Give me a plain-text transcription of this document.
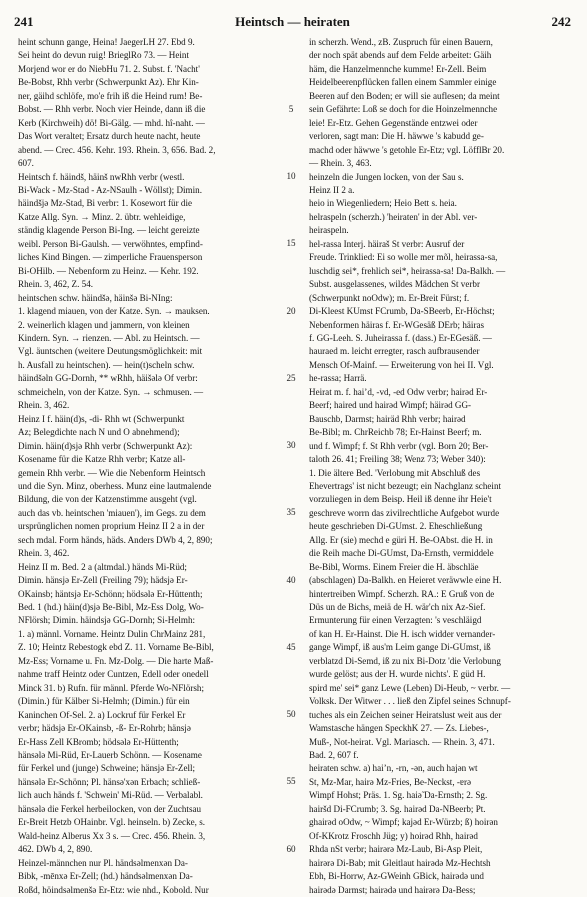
241	Heintsch — heiraten	242
heint schunn gange, Heina! JaegerLH 27. Ebd 9.
Sei heint do devun ruig! BrieglRo 73. — Heint
Morjend wor er do NiebHu 71. 2. Subst. f. 'Nacht'
Be-Bobst, Rhh verbr (Schwerpunkt Az). Ehr Kin-
ner, gäihd schlöfe, mo'e frih iß die Heind rum! Be-
Bobst. — Rhh verbr. Noch vier Heinde, dann iß die
Kerb (Kirchweih) dö! Bi-Gälg. — mhd. hî-naht. —
Das Wort veraltet; Ersatz durch heute nacht, heute
abend. — Crec. 456. Kehr. 193. Rhein. 3, 656. Bad. 2,
607.
Heintsch f. häindš, häinš nwRhh verbr (westl.
Bi-Wack - Mz-Stad - Az-NSaulh - Wöllst); Dimin.
häindšjə Mz-Stad, Bi verbr: 1. Kosewort für die
Katze Allg. Syn. → Minz. 2. übtr. wehleidige,
ständig klagende Person Bi-Ing. — leicht gereizte
weibl. Person Bi-Gaulsh. — verwöhntes, empfind-
liches Kind Bingen. — zimperliche Frauensperson
Bi-OHilb. — Nebenform zu Heinz. — Kehr. 192.
Rhein. 3, 462, Z. 54.
heintschen schw. häindšə, häinšə Bi-NIng:
1. klagend miauen, von der Katze. Syn. → mauksen.
2. weinerlich klagen und jammern, von kleinen
Kindern. Syn. → rienzen. — Abl. zu Heintsch. —
Vgl. äuntschen (weitere Deutungsmöglichkeit: mit
h. Ausfall zu heintschen). — hein(t)scheln schw.
häindšəln GG-Dornh, ** wRhh, häišələ Of verbr:
schmeicheln, von der Katze. Syn. → schmusen. —
Rhein. 3, 462.
Heinz I f. häin(d)s, -di- Rhh wt (Schwerpunkt
Az; Belegdichte nach N und O abnehmend);
Dimin. häin(d)sjə Rhh verbr (Schwerpunkt Az):
Kosename für die Katze Rhh verbr; Katze all-
gemein Rhh verbr. — Wie die Nebenform Heintsch
und die Syn. Minz, oberhess. Munz eine lautmalende
Bildung, die von der Katzenstimme ausgeht (vgl.
auch das vb. heintschen 'miauen'), im Gegs. zu dem
ursprünglichen nomen proprium Heinz II 2 a in der
sech mdal. Form händs, häds. Anders DWb 4, 2, 890;
Rhein. 3, 462.
Heinz II m. Bed. 2 a (altmdal.) händs Mi-Rüd;
Dimin. hänsjə Er-Zell (Freiling 79); hädsjə Er-
OKainsb; häntsjə Er-Schönn; hödsələ Er-Hüttenth;
Bed. 1 (hd.) häin(d)sjə Be-Bibl, Mz-Ess Dolg, Wo-
NFlörsh; Dimin. häindsjə GG-Dornh; Si-Helmh:
1. a) männl. Vorname. Heintz Dulin ChrMainz 281,
Z. 10; Heintz Rebestogk ebd Z. 11. Vorname Be-Bibl,
Mz-Ess; Vorname u. Fn. Mz-Dolg. — Die harte Maß-
nahme traff Heintz oder Cuntzen, Edell oder onedell
Minck 31. b) Rufn. für männl. Pferde Wo-NFlörsh;
(Dimin.) für Kälber Si-Helmh; (Dimin.) für ein
Kaninchen Of-Sel. 2. a) Lockruf für Ferkel Er
verbr; hädsjə Er-OKainsb, -ß- Er-Rohrb; hänsjə
Er-Hass Zell KBromb; hödsələ Er-Hüttenth;
hänsələ Mi-Rüd, Er-Lauerb Schönn. — Kosename
für Ferkel und (junge) Schweine; hänsjə Er-Zell;
hänsələ Er-Schönn; Pl. hänsə'xən Erbach; schließ-
lich auch händs f. 'Schwein' Mi-Rüd. — Verbalabl.
hänsələ die Ferkel herbeilocken, von der Zuchtsau
Er-Breit Hetzb OHainbr. Vgl. heinseln. b) Zecke, s.
Wald-heinz Alberus Xx 3 s. — Crec. 456. Rhein. 3,
462. DWb 4, 2, 890.
Heinzel-männchen nur Pl. händsəlmenxən Da-
Bibk, -mēnxə Er-Zell; (hd.) händsəlmenxən Da-
Roßd, höindsəlmenšə Er-Etz: wie nhd., Kobold. Nur
5
10
15
20
25
30
35
40
45
50
55
60
in scherzh. Wend., zB. Zuspruch für einen Bauern,
der noch spät abends auf dem Felde arbeitet: Gäih
häm, die Hanzelmennche kumme! Er-Zell. Beim
Heidelbeerenpflücken fallen einem Sammler einige
Beeren auf den Boden; er will sie auflesen; da meint
sein Gefährte: Loß se doch for die Hoinzelmennche
leie! Er-Etz. Gehen Gegenstände entzwei oder
verloren, sagt man: Die H. häwwe 's kabudd ge-
machd oder häwwe 's getohle Er-Etz; vgl. LöfflBr 20.
— Rhein. 3, 463.
heinzeln die Jungen locken, von der Sau s.
Heinz II 2 a.
heio in Wiegenliedern; Heio Bett s. heia.
helraspeln (scherzh.) 'heiraten' in der Abl. ver-
heiraspeln.
hel-rassa Interj. häiraš St verbr: Ausruf der
Freude. Trinklied: Ei so wolle mer mõl, heirassa-sa,
luschdig sei*, frehlich sei*, heirassa-sa! Da-Balkh. —
Subst. ausgelassenes, wildes Mädchen St verbr
(Schwerpunkt noOdw); m. Er-Breit Fürst; f.
Di-Kleest KUmst FCrumb, Da-SBeerb, Er-Höchst;
Nebenformen häiras f. Er-WGesäß DErb; häiras
f. GG-Leeh. S. Juheirassa f. (dass.) Er-EGesäß. —
hauraed m. leicht erregter, rasch aufbrausender
Mensch Of-Mainf. — Erweiterung von hei II. Vgl.
he-rassa; Harrä.
Heirat m. f. haiʼd, -vd, -ed Odw verbr; hairəd Er-
Beerf; haired und hairəd Wimpf; häirəd GG-
Bauschb, Darmst; hairäd Rhh verbr; hairəd
Be-Bibl; m. ChrReichb 78; Er-Hainst Beerf; m.
und f. Wimpf; f. St Rhh verbr (vgl. Born 20; Ber-
taloth 26. 41; Freiling 38; Wenz 73; Weber 340):
1. Die ältere Bed. 'Verlobung mit Abschluß des
Ehevertrags' ist nicht bezeugt; ein Nachglanz scheint
vorzuliegen in dem Beisp. Heil iß denne ihr Heie't
geschreve worrn das zivilrechtliche Aufgebot wurde
heute geschrieben Di-GUmst. 2. Eheschließung
Allg. Er (sie) mechd e güri H. Be-OAbst. die H. in
die Reih mache Di-GUmst, Da-Ernsth, vermiddele
Be-Bibl, Worms. Einem Freier die H. äbschläe
(abschlagen) Da-Balkh. en Heieret veräwwle eine H.
hintertreiben Wimpf. Scherzh. RA.: E Gruß von de
Düs un de Bichs, meiä de H. wär'ch nix Az-Sief.
Ermunterung für einen Verzagten: 's veschläigd
of kan H. Er-Hainst. Die H. isch widder vernander-
gange Wimpf, iß aus'm Leim gange Di-GUmst, iß
verblatzd Di-Semd, iß zu nix Bi-Dotz 'die Verlobung
wurde gelöst; aus der H. wurde nichts'. E güd H.
spird me' sei* ganz Lewe (Leben) Di-Heub, ~ verbr. —
Volksk. Der Witwer . . . ließ den Zipfel seines Schnupf-
tuches als ein Zeichen seiner Heiratslust weit aus der
Wamstasche hängen SpeckhK 27. — Zs. Liebes-,
Muß-, Not-heirat. Vgl. Mariasch. — Rhein. 3, 471.
Bad. 2, 607 f.
heiraten schw. a) haiʼn, -rn, -ən, auch hajən wt
St, Mz-Mar, hairə Mz-Fries, Be-Neckst, -ɐrə
Wimpf Hohst; Präs. 1. Sg. haiə̃ Da-Ernsth; 2. Sg.
hairšd Di-FCrumb; 3. Sg. hairəd Da-NBeerb; Pt.
ghairəd oOdw, ~ Wimpf; kajəd Er-Würzb; ß) hoirən
Of-KKrotz Froschh Jüg; y) hoirəd Rhh, hairəd
Rhda nSt verbr; hairərə Mz-Laub, Bi-Asp Pleit,
hairərə Di-Bab; mit Gleitlaut hairədə Mz-Hechtsh
Ebh, Bi-Horrw, Az-GWeinh GBick, hairədə und
hairədə Darmst; hairədə und hairərə Da-Bess;
